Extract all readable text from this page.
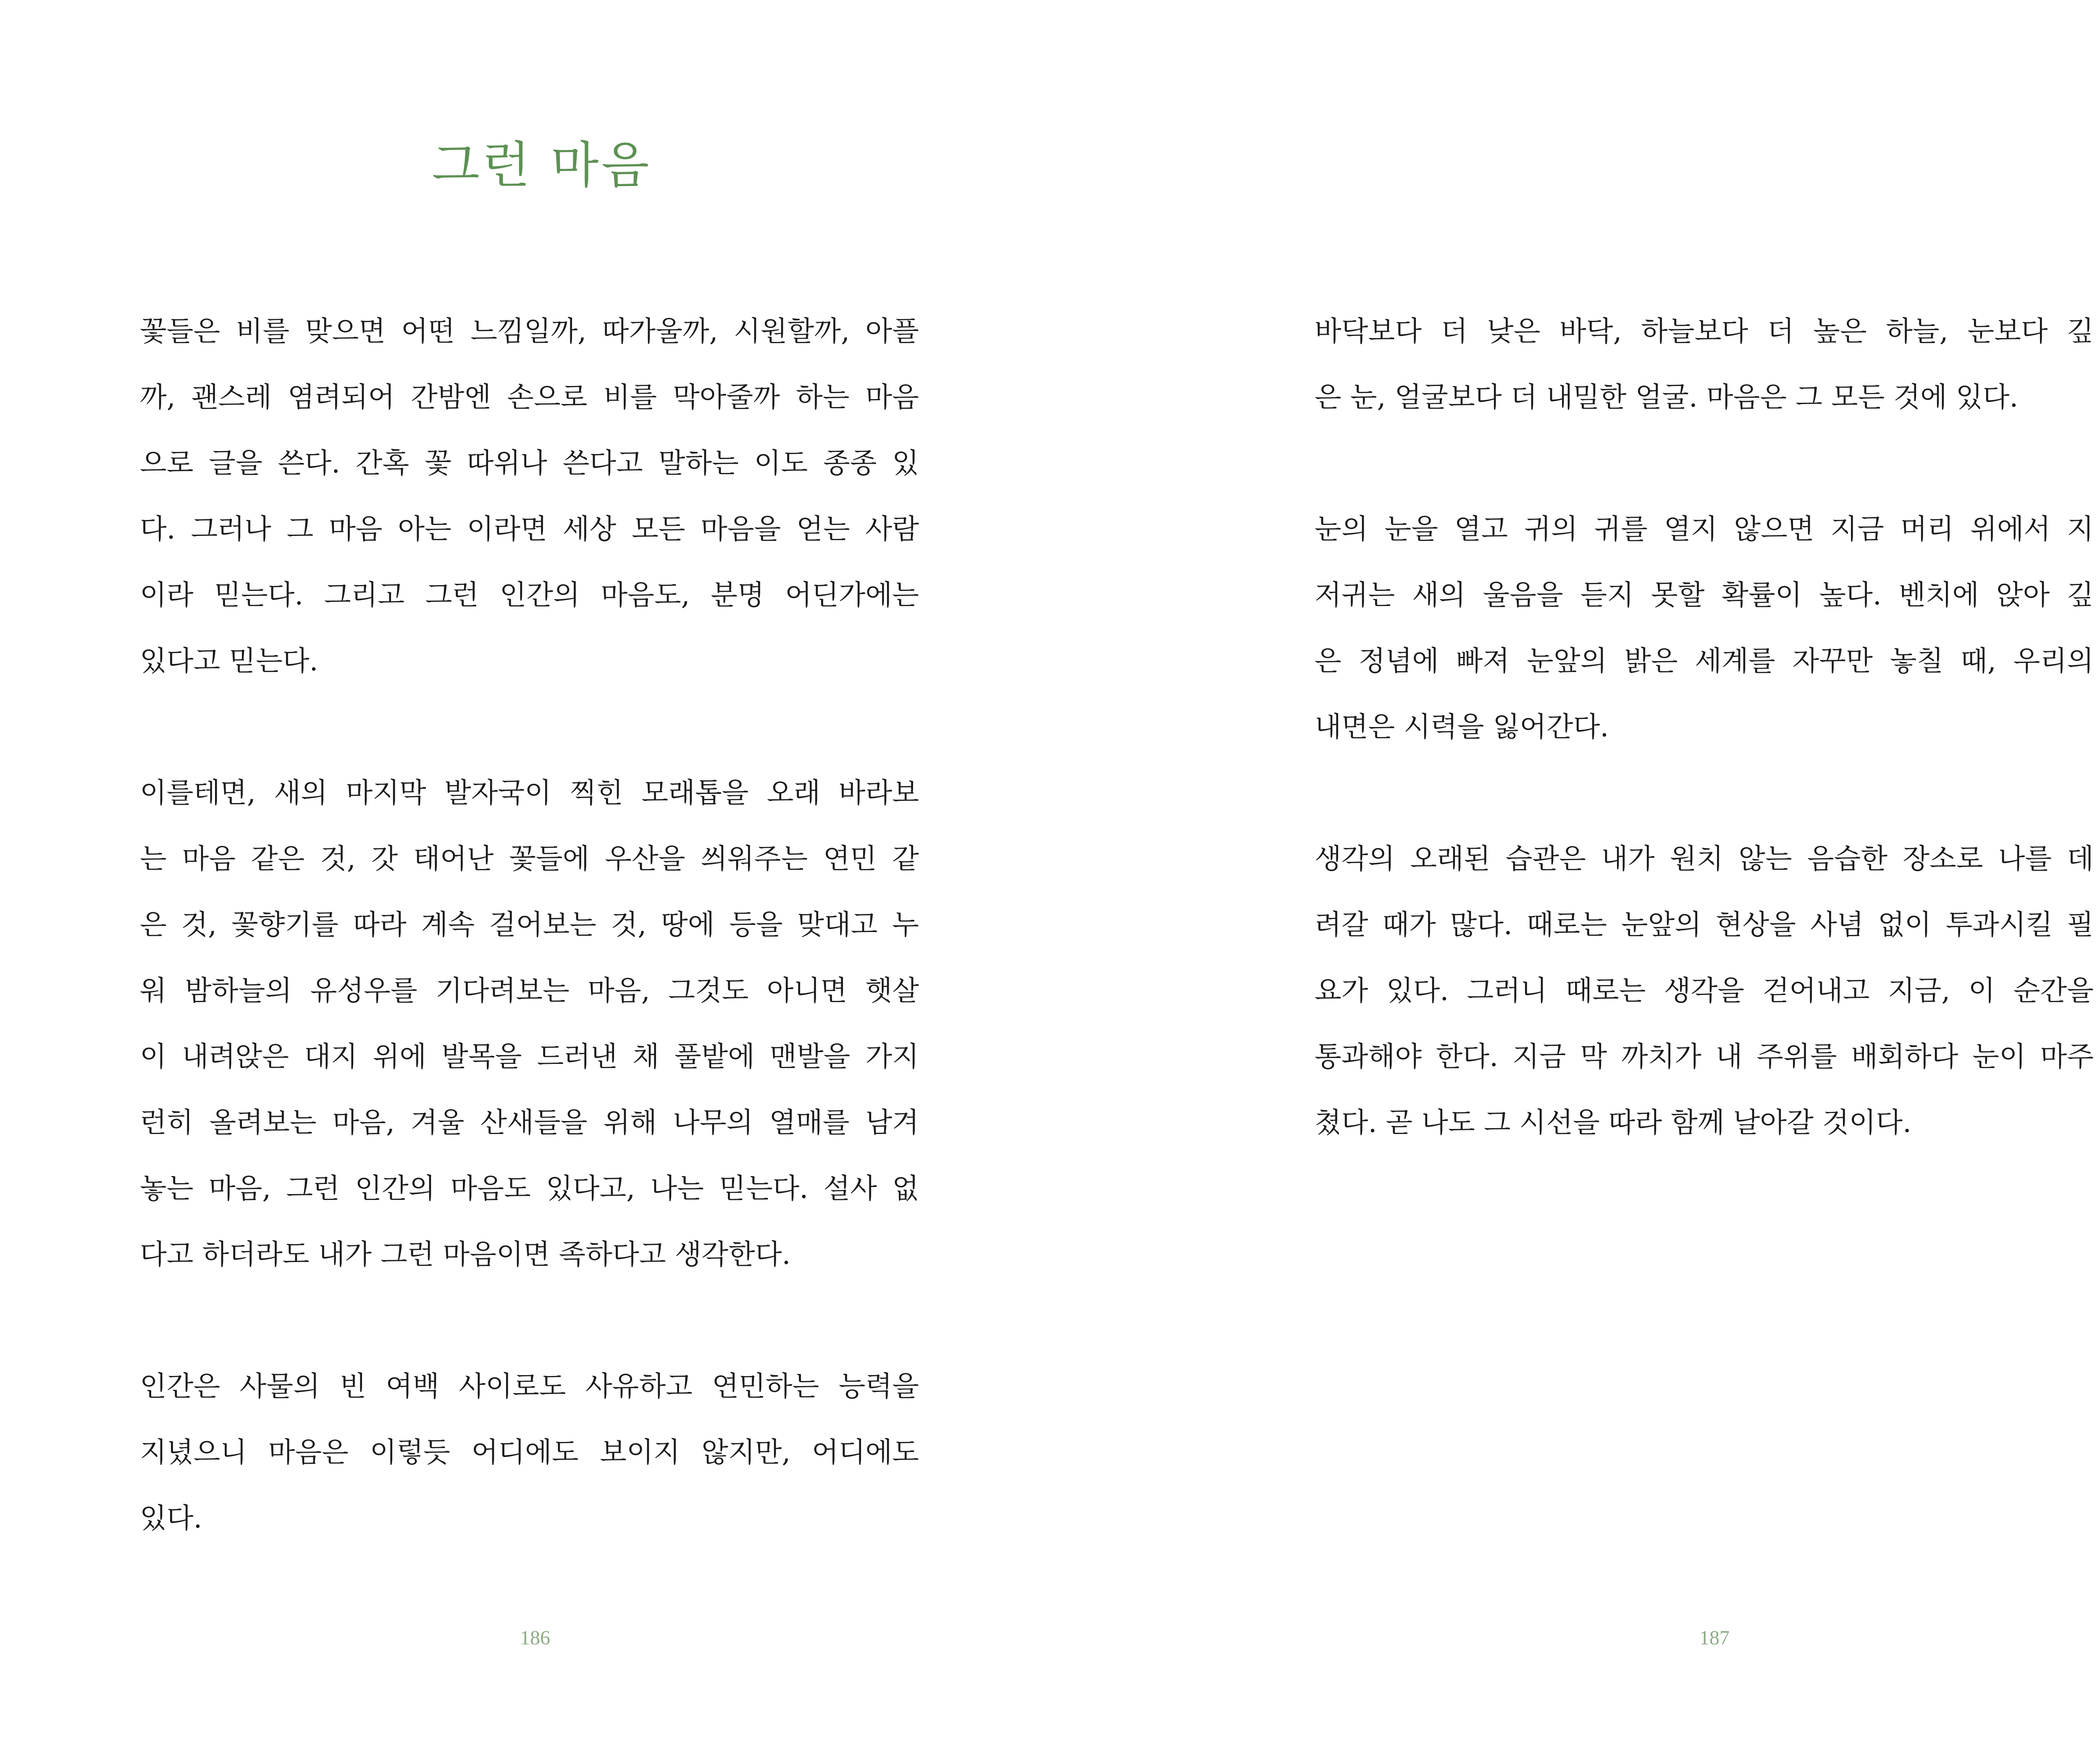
그런 마음

꽃들은 비를 맞으면 어떤 느낌일까, 따가울까, 시원할까, 아플
까, 괜스레 염려되어 간밤엔 손으로 비를 막아줄까 하는 마음
으로 글을 쓴다. 간혹 꽃 따위나 쓴다고 말하는 이도 종종 있
다. 그러나 그 마음 아는 이라면 세상 모든 마음을 얻는 사람
이라 믿는다. 그리고 그런 인간의 마음도, 분명 어딘가에는
있다고 믿는다.

이를테면, 새의 마지막 발자국이 찍힌 모래톱을 오래 바라보
는 마음 같은 것, 갓 태어난 꽃들에 우산을 씌워주는 연민 같
은 것, 꽃향기를 따라 계속 걸어보는 것, 땅에 등을 맞대고 누
워 밤하늘의 유성우를 기다려보는 마음, 그것도 아니면 햇살
이 내려앉은 대지 위에 발목을 드러낸 채 풀밭에 맨발을 가지
런히 올려보는 마음, 겨울 산새들을 위해 나무의 열매를 남겨
놓는 마음, 그런 인간의 마음도 있다고, 나는 믿는다. 설사 없
다고 하더라도 내가 그런 마음이면 족하다고 생각한다.

인간은 사물의 빈 여백 사이로도 사유하고 연민하는 능력을
지녔으니 마음은 이렇듯 어디에도 보이지 않지만, 어디에도
있다.

186

바닥보다 더 낮은 바닥, 하늘보다 더 높은 하늘, 눈보다 깊
은 눈, 얼굴보다 더 내밀한 얼굴. 마음은 그 모든 것에 있다.

눈의 눈을 열고 귀의 귀를 열지 않으면 지금 머리 위에서 지
저귀는 새의 울음을 듣지 못할 확률이 높다. 벤치에 앉아 깊
은 정념에 빠져 눈앞의 밝은 세계를 자꾸만 놓칠 때, 우리의
내면은 시력을 잃어간다.

생각의 오래된 습관은 내가 원치 않는 음습한 장소로 나를 데
려갈 때가 많다. 때로는 눈앞의 현상을 사념 없이 투과시킬 필
요가 있다. 그러니 때로는 생각을 걷어내고 지금, 이 순간을
통과해야 한다. 지금 막 까치가 내 주위를 배회하다 눈이 마주
쳤다. 곧 나도 그 시선을 따라 함께 날아갈 것이다.

187
